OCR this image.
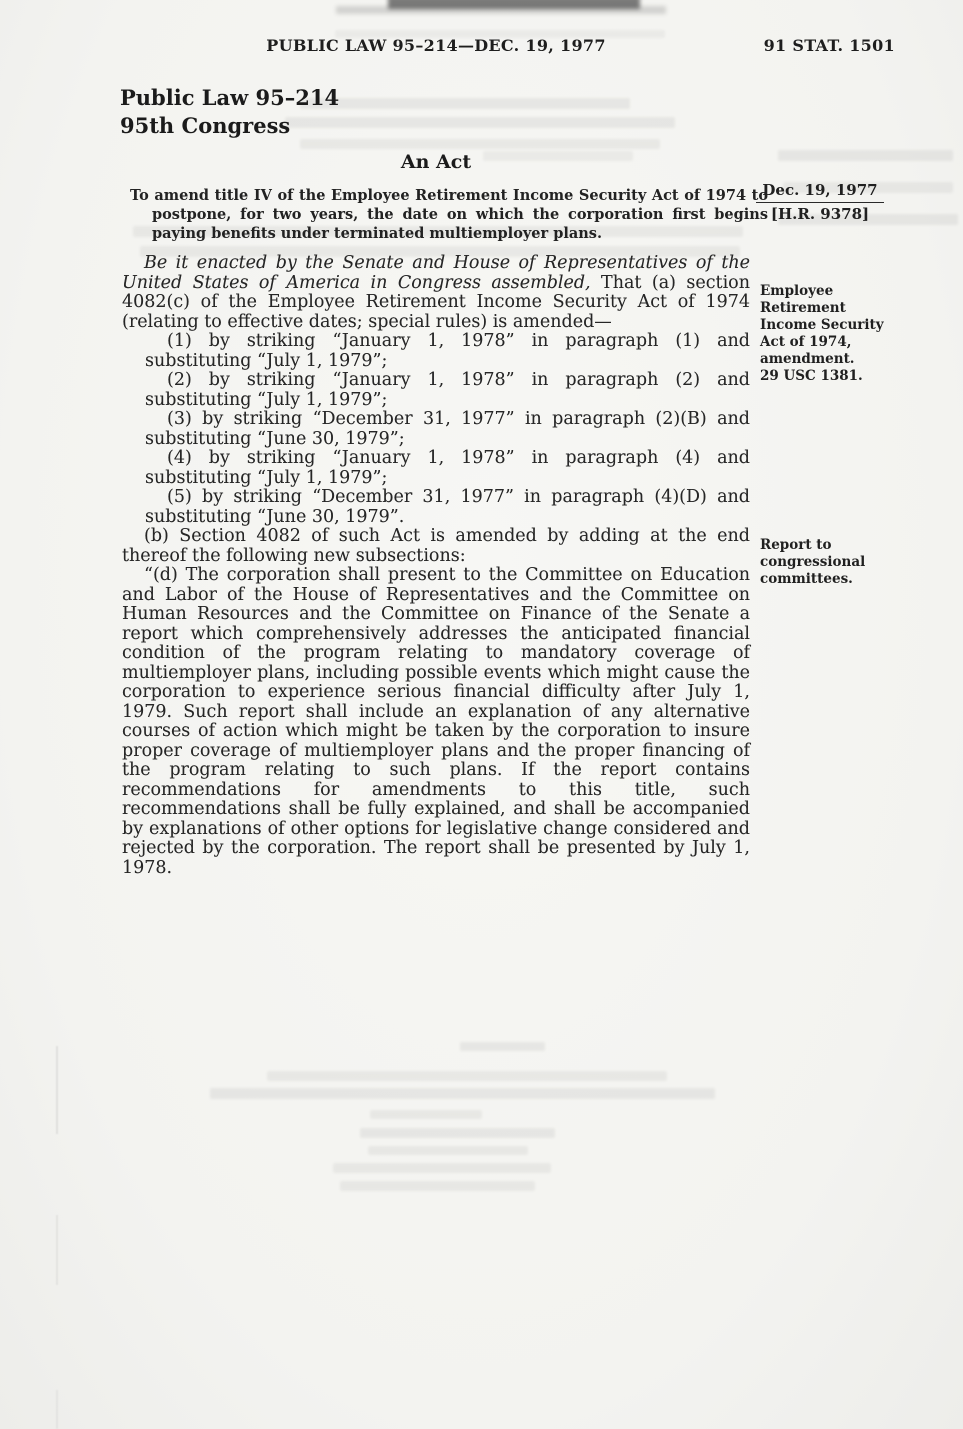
PUBLIC LAW 95–214—DEC. 19, 1977	91 STAT. 1501
Public Law 95–214
95th Congress
An Act
To amend title IV of the Employee Retirement Income Security Act of 1974 to postpone, for two years, the date on which the corporation first begins paying benefits under terminated multiemployer plans.
Dec. 19, 1977
[H.R. 9378]
Employee Retirement Income Security Act of 1974, amendment.
29 USC 1381.
Report to congressional committees.

Be it enacted by the Senate and House of Representatives of the United States of America in Congress assembled, That (a) section 4082(c) of the Employee Retirement Income Security Act of 1974 (relating to effective dates; special rules) is amended—

(1) by striking “January 1, 1978” in paragraph (1) and substituting “July 1, 1979”;

(2) by striking “January 1, 1978” in paragraph (2) and substituting “July 1, 1979”;

(3) by striking “December 31, 1977” in paragraph (2)(B) and substituting “June 30, 1979”;

(4) by striking “January 1, 1978” in paragraph (4) and substituting “July 1, 1979”;

(5) by striking “December 31, 1977” in paragraph (4)(D) and substituting “June 30, 1979”.

(b) Section 4082 of such Act is amended by adding at the end thereof the following new subsections:

“(d) The corporation shall present to the Committee on Education and Labor of the House of Representatives and the Committee on Human Resources and the Committee on Finance of the Senate a report which comprehensively addresses the anticipated financial condition of the program relating to mandatory coverage of multiemployer plans, including possible events which might cause the corporation to experience serious financial difficulty after July 1, 1979. Such report shall include an explanation of any alternative courses of action which might be taken by the corporation to insure proper coverage of multiemployer plans and the proper financing of the program relating to such plans. If the report contains recommendations for amendments to this title, such recommendations shall be fully explained, and shall be accompanied by explanations of other options for legislative change considered and rejected by the corporation. The report shall be presented by July 1, 1978.
